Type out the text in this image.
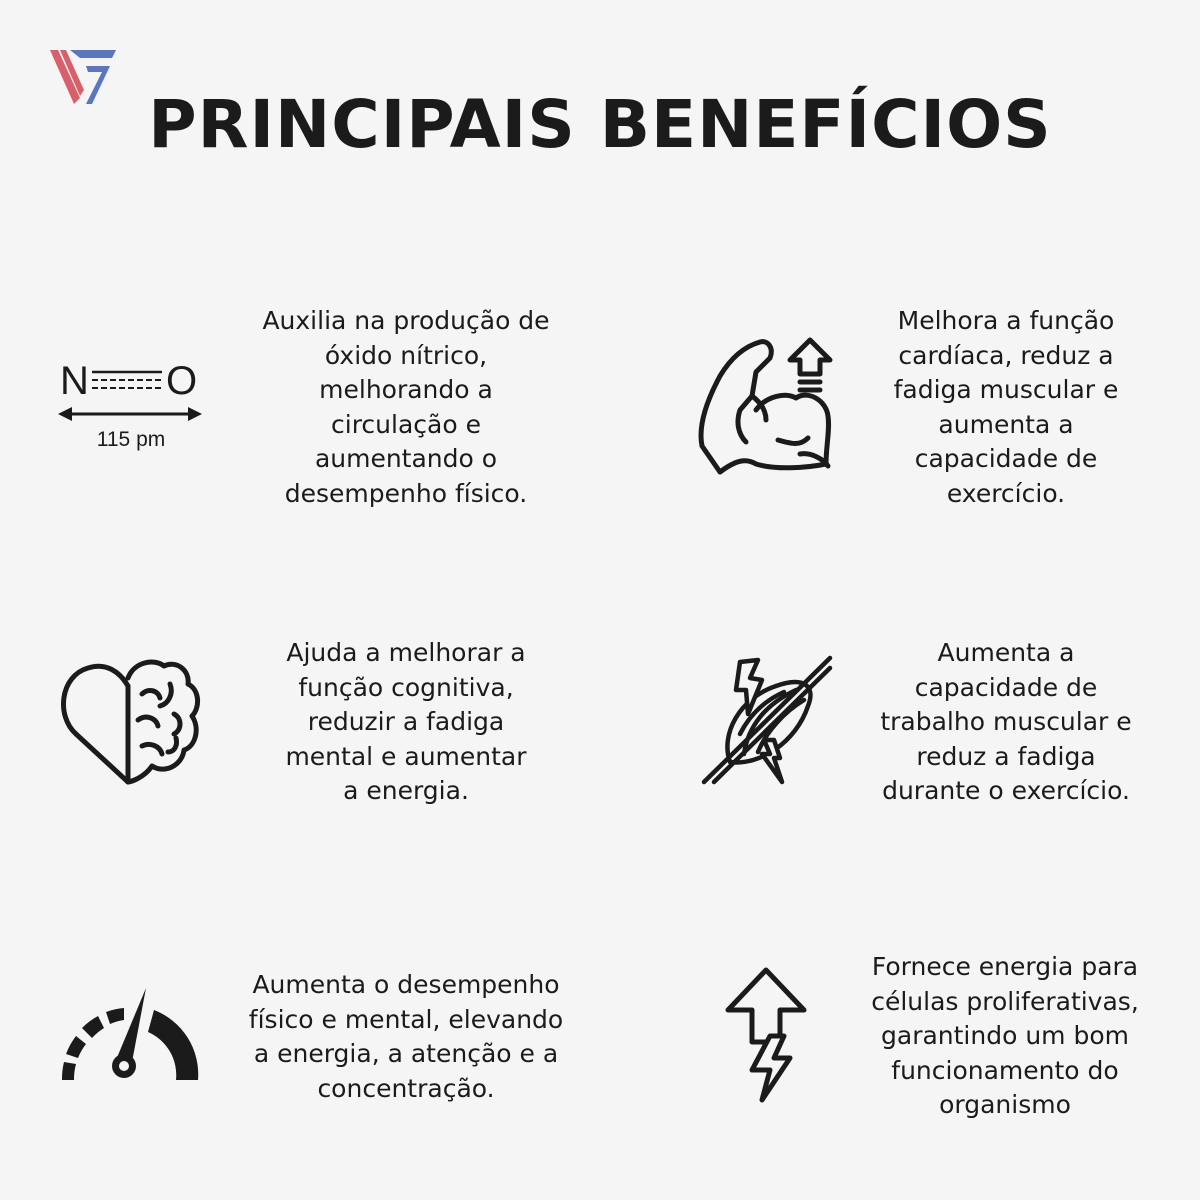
PRINCIPAIS BENEFÍCIOS
N O
115 pm

Auxilia na produção de
óxido nítrico,
melhorando a
circulação e
aumentando o
desempenho físico.

Melhora a função
cardíaca, reduz a
fadiga muscular e
aumenta a
capacidade de
exercício.

Ajuda a melhorar a
função cognitiva,
reduzir a fadiga
mental e aumentar
a energia.

Aumenta a
capacidade de
trabalho muscular e
reduz a fadiga
durante o exercício.

Aumenta o desempenho
físico e mental, elevando
a energia, a atenção e a
concentração.

Fornece energia para
células proliferativas,
garantindo um bom
funcionamento do
organismo
